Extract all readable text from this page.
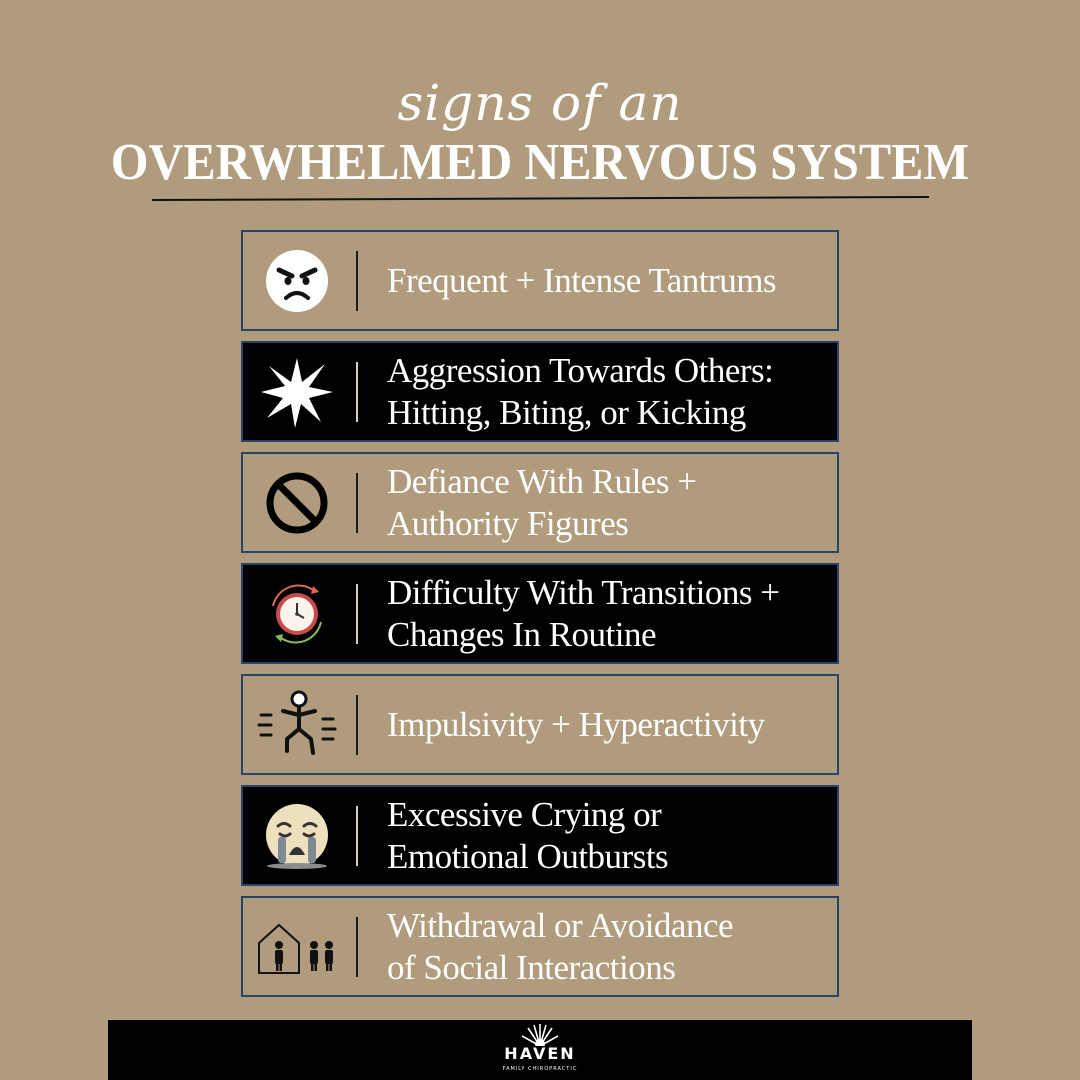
signs of an
OVERWHELMED NERVOUS SYSTEM
Frequent + Intense Tantrums
Aggression Towards Others:
Hitting, Biting, or Kicking
Defiance With Rules +
Authority Figures
Difficulty With Transitions +
Changes In Routine
Impulsivity + Hyperactivity
Excessive Crying or
Emotional Outbursts
Withdrawal or Avoidance
of Social Interactions
HAVEN
FAMILY CHIROPRACTIC
